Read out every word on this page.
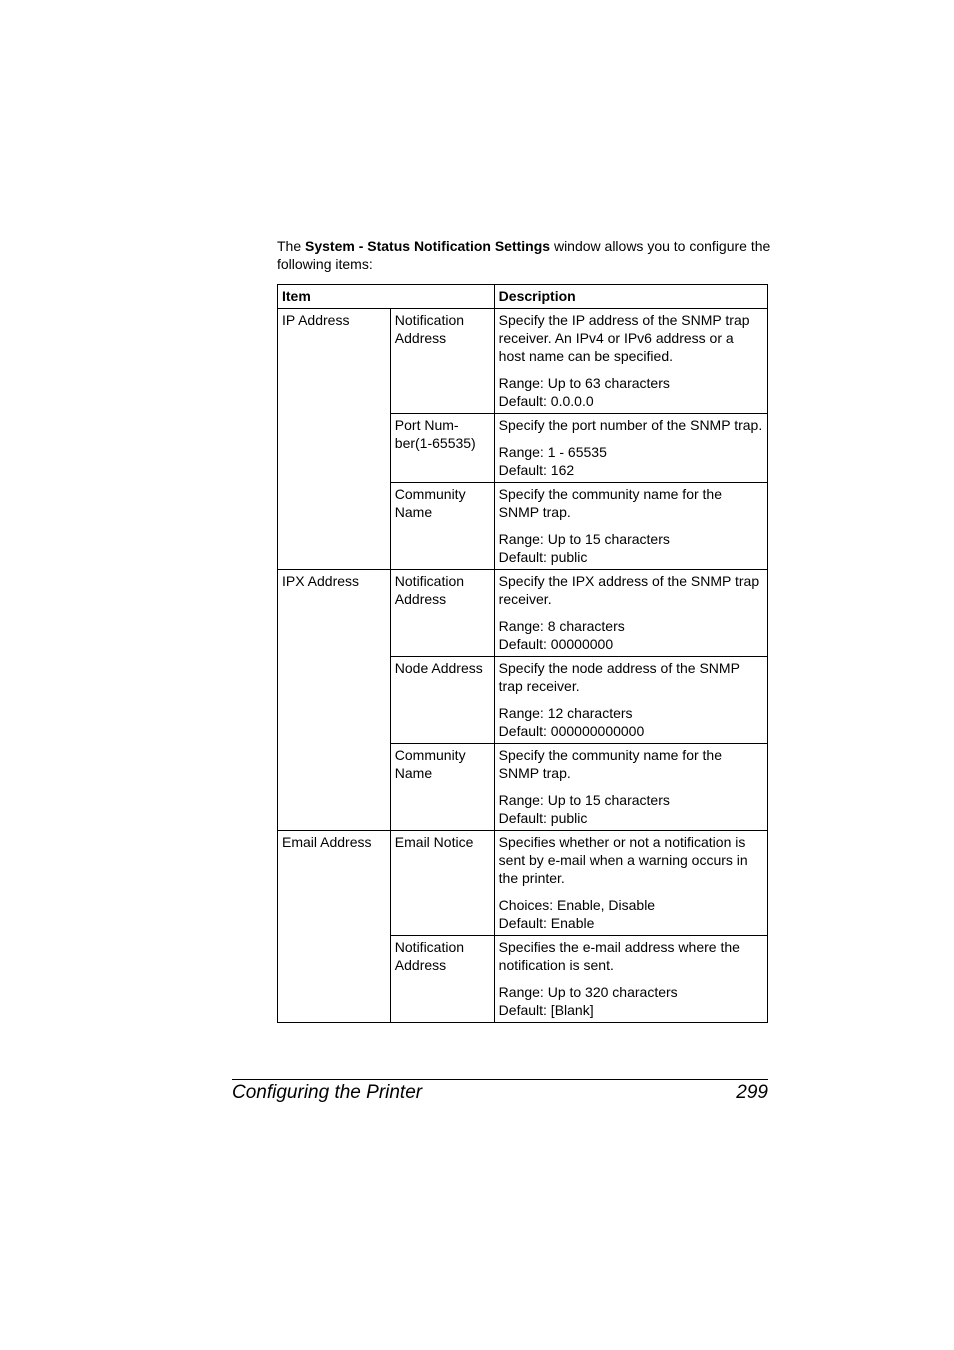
The System - Status Notification Settings window allows you to configure the following items:

Item		Description
IP Address	Notification Address	Specify the IP address of the SNMP trap receiver. An IPv4 or IPv6 address or a host name can be specified.

Range: Up to 63 characters

Default: 0.0.0.0

	Port Num-ber(1-65535)	Specify the port number of the SNMP trap.

Range: 1 - 65535

Default: 162

	Community Name	Specify the community name for the SNMP trap.

Range: Up to 15 characters

Default: public

IPX Address	Notification Address	Specify the IPX address of the SNMP trap receiver.

Range: 8 characters

Default: 00000000

	Node Address	Specify the node address of the SNMP trap receiver.

Range: 12 characters

Default: 000000000000

	Community Name	Specify the community name for the SNMP trap.

Range: Up to 15 characters

Default: public

Email Address	Email Notice	Specifies whether or not a notification is sent by e-mail when a warning occurs in the printer.

Choices: Enable, Disable

Default: Enable

	Notification Address	Specifies the e-mail address where the notification is sent.

Range: Up to 320 characters

Default: [Blank]

Configuring the Printer	299
